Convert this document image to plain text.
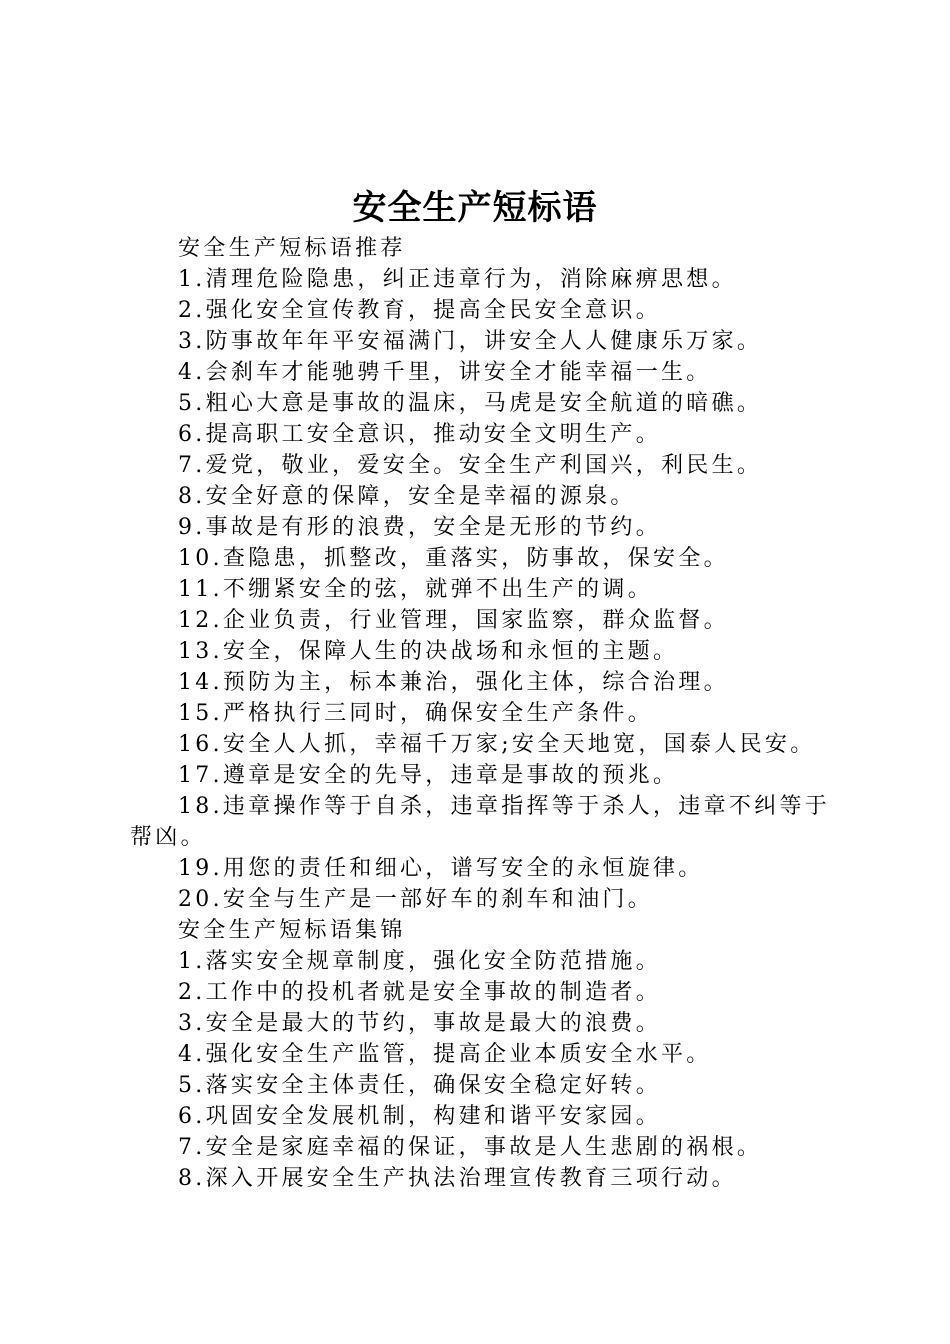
安全生产短标语
安全生产短标语推荐
1.清理危险隐患，纠正违章行为，消除麻痹思想。
2.强化安全宣传教育，提高全民安全意识。
3.防事故年年平安福满门，讲安全人人健康乐万家。
4.会刹车才能驰骋千里，讲安全才能幸福一生。
5.粗心大意是事故的温床，马虎是安全航道的暗礁。
6.提高职工安全意识，推动安全文明生产。
7.爱党，敬业，爱安全。安全生产利国兴，利民生。
8.安全好意的保障，安全是幸福的源泉。
9.事故是有形的浪费，安全是无形的节约。
10.查隐患，抓整改，重落实，防事故，保安全。
11.不绷紧安全的弦，就弹不出生产的调。
12.企业负责，行业管理，国家监察，群众监督。
13.安全，保障人生的决战场和永恒的主题。
14.预防为主，标本兼治，强化主体，综合治理。
15.严格执行三同时，确保安全生产条件。
16.安全人人抓，幸福千万家;安全天地宽，国泰人民安。
17.遵章是安全的先导，违章是事故的预兆。
18.违章操作等于自杀，违章指挥等于杀人，违章不纠等于帮凶。
19.用您的责任和细心，谱写安全的永恒旋律。
20.安全与生产是一部好车的刹车和油门。
安全生产短标语集锦
1.落实安全规章制度，强化安全防范措施。
2.工作中的投机者就是安全事故的制造者。
3.安全是最大的节约，事故是最大的浪费。
4.强化安全生产监管，提高企业本质安全水平。
5.落实安全主体责任，确保安全稳定好转。
6.巩固安全发展机制，构建和谐平安家园。
7.安全是家庭幸福的保证，事故是人生悲剧的祸根。
8.深入开展安全生产执法治理宣传教育三项行动。
